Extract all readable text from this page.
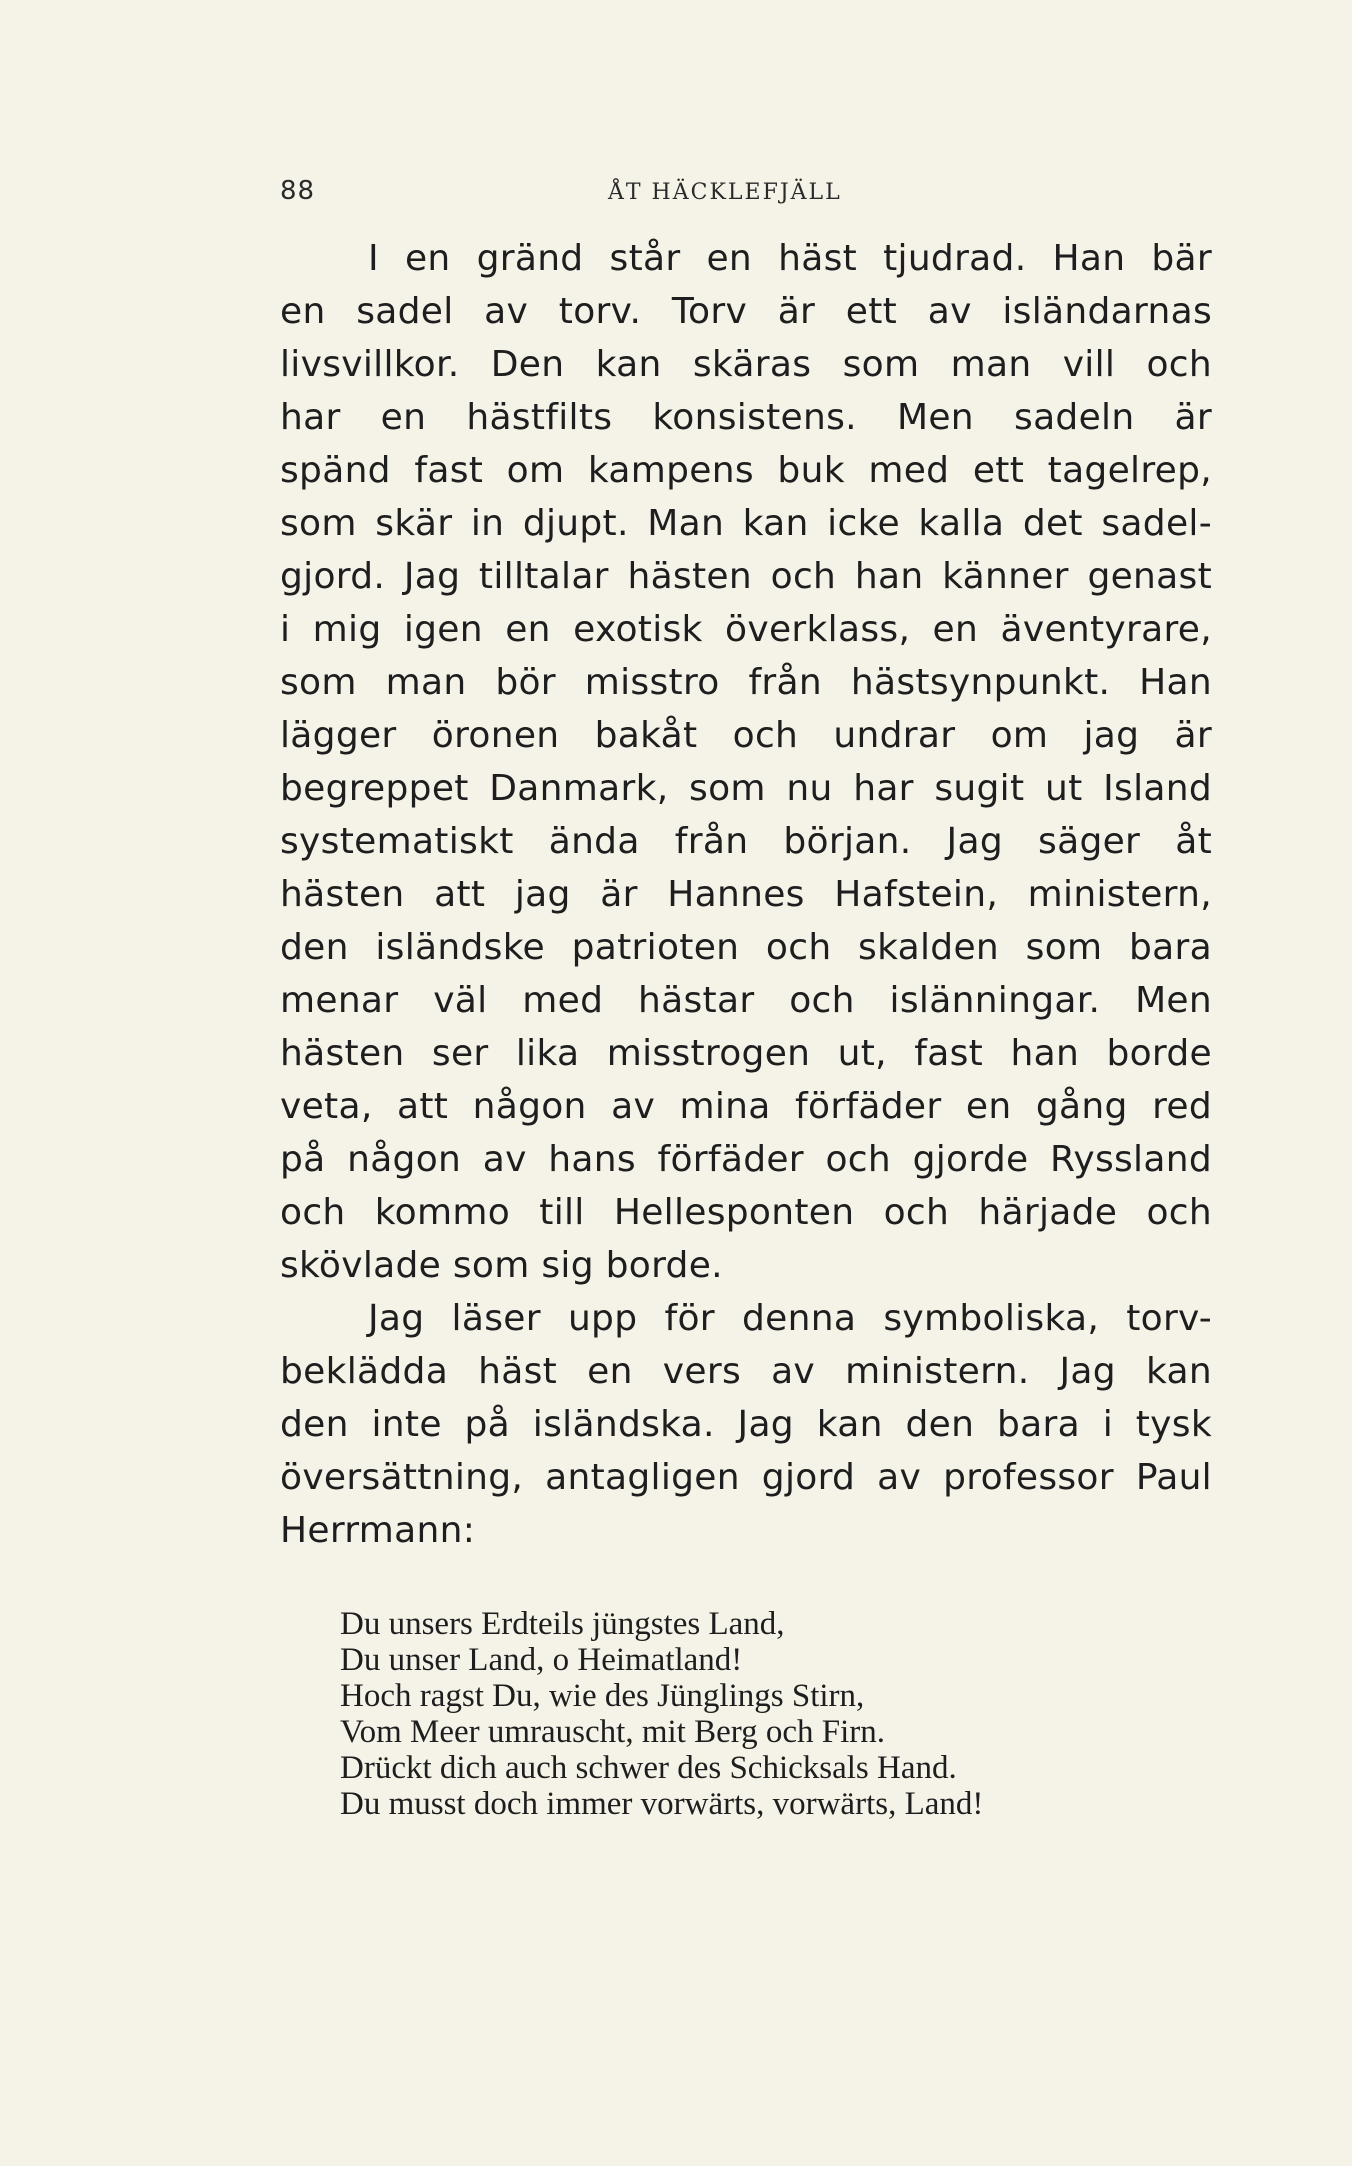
88	ÅT HÄCKLEFJÄLL
I en gränd står en häst tjudrad. Han bär
en sadel av torv. Torv är ett av isländarnas
livsvillkor. Den kan skäras som man vill och
har en hästfilts konsistens. Men sadeln är
spänd fast om kampens buk med ett tagelrep,
som skär in djupt. Man kan icke kalla det sadel-
gjord. Jag tilltalar hästen och han känner genast
i mig igen en exotisk överklass, en äventyrare,
som man bör misstro från hästsynpunkt. Han
lägger öronen bakåt och undrar om jag är
begreppet Danmark, som nu har sugit ut Island
systematiskt ända från början. Jag säger åt
hästen att jag är Hannes Hafstein, ministern,
den isländske patrioten och skalden som bara
menar väl med hästar och islänningar. Men
hästen ser lika misstrogen ut, fast han borde
veta, att någon av mina förfäder en gång red
på någon av hans förfäder och gjorde Ryssland
och kommo till Hellesponten och härjade och
skövlade som sig borde.
Jag läser upp för denna symboliska, torv-
beklädda häst en vers av ministern. Jag kan
den inte på isländska. Jag kan den bara i tysk
översättning, antagligen gjord av professor Paul
Herrmann:
Du unsers Erdteils jüngstes Land,
Du unser Land, o Heimatland!
Hoch ragst Du, wie des Jünglings Stirn,
Vom Meer umrauscht, mit Berg och Firn.
Drückt dich auch schwer des Schicksals Hand.
Du musst doch immer vorwärts, vorwärts, Land!
